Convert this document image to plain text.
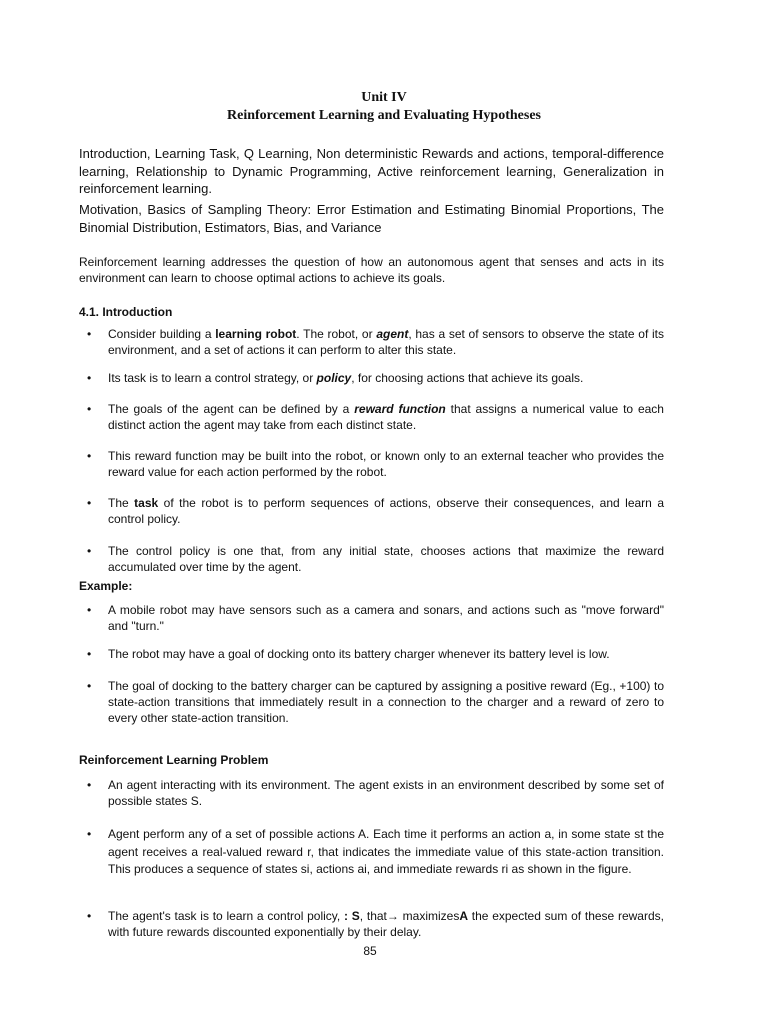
Unit IV
Reinforcement Learning and Evaluating Hypotheses
Introduction, Learning Task, Q Learning, Non deterministic Rewards and actions, temporal-difference learning, Relationship to Dynamic Programming, Active reinforcement learning, Generalization in reinforcement learning.
Motivation, Basics of Sampling Theory: Error Estimation and Estimating Binomial Proportions, The Binomial Distribution, Estimators, Bias, and Variance
Reinforcement learning addresses the question of how an autonomous agent that senses and acts in its environment can learn to choose optimal actions to achieve its goals.
4.1. Introduction
•	Consider building a learning robot. The robot, or agent, has a set of sensors to observe the state of its environment, and a set of actions it can perform to alter this state.
•	Its task is to learn a control strategy, or policy, for choosing actions that achieve its goals.
•	The goals of the agent can be defined by a reward function that assigns a numerical value to each distinct action the agent may take from each distinct state.
•	This reward function may be built into the robot, or known only to an external teacher who provides the reward value for each action performed by the robot.
•	The task of the robot is to perform sequences of actions, observe their consequences, and learn a control policy.
•	The control policy is one that, from any initial state, chooses actions that maximize the reward accumulated over time by the agent.
Example:
•	A mobile robot may have sensors such as a camera and sonars, and actions such as "move forward" and "turn."
•	The robot may have a goal of docking onto its battery charger whenever its battery level is low.
•	The goal of docking to the battery charger can be captured by assigning a positive reward (Eg., +100) to state-action transitions that immediately result in a connection to the charger and a reward of zero to every other state-action transition.
Reinforcement Learning Problem
•	An agent interacting with its environment. The agent exists in an environment described by some set of possible states S.
•	Agent perform any of a set of possible actions A. Each time it performs an action a, in some state st the agent receives a real-valued reward r, that indicates the immediate value of this state-action transition. This produces a sequence of states si, actions ai, and immediate rewards ri as shown in the figure.
•	The agent's task is to learn a control policy, : S, that→ maximizesA the expected sum of these rewards, with future rewards discounted exponentially by their delay.
85
